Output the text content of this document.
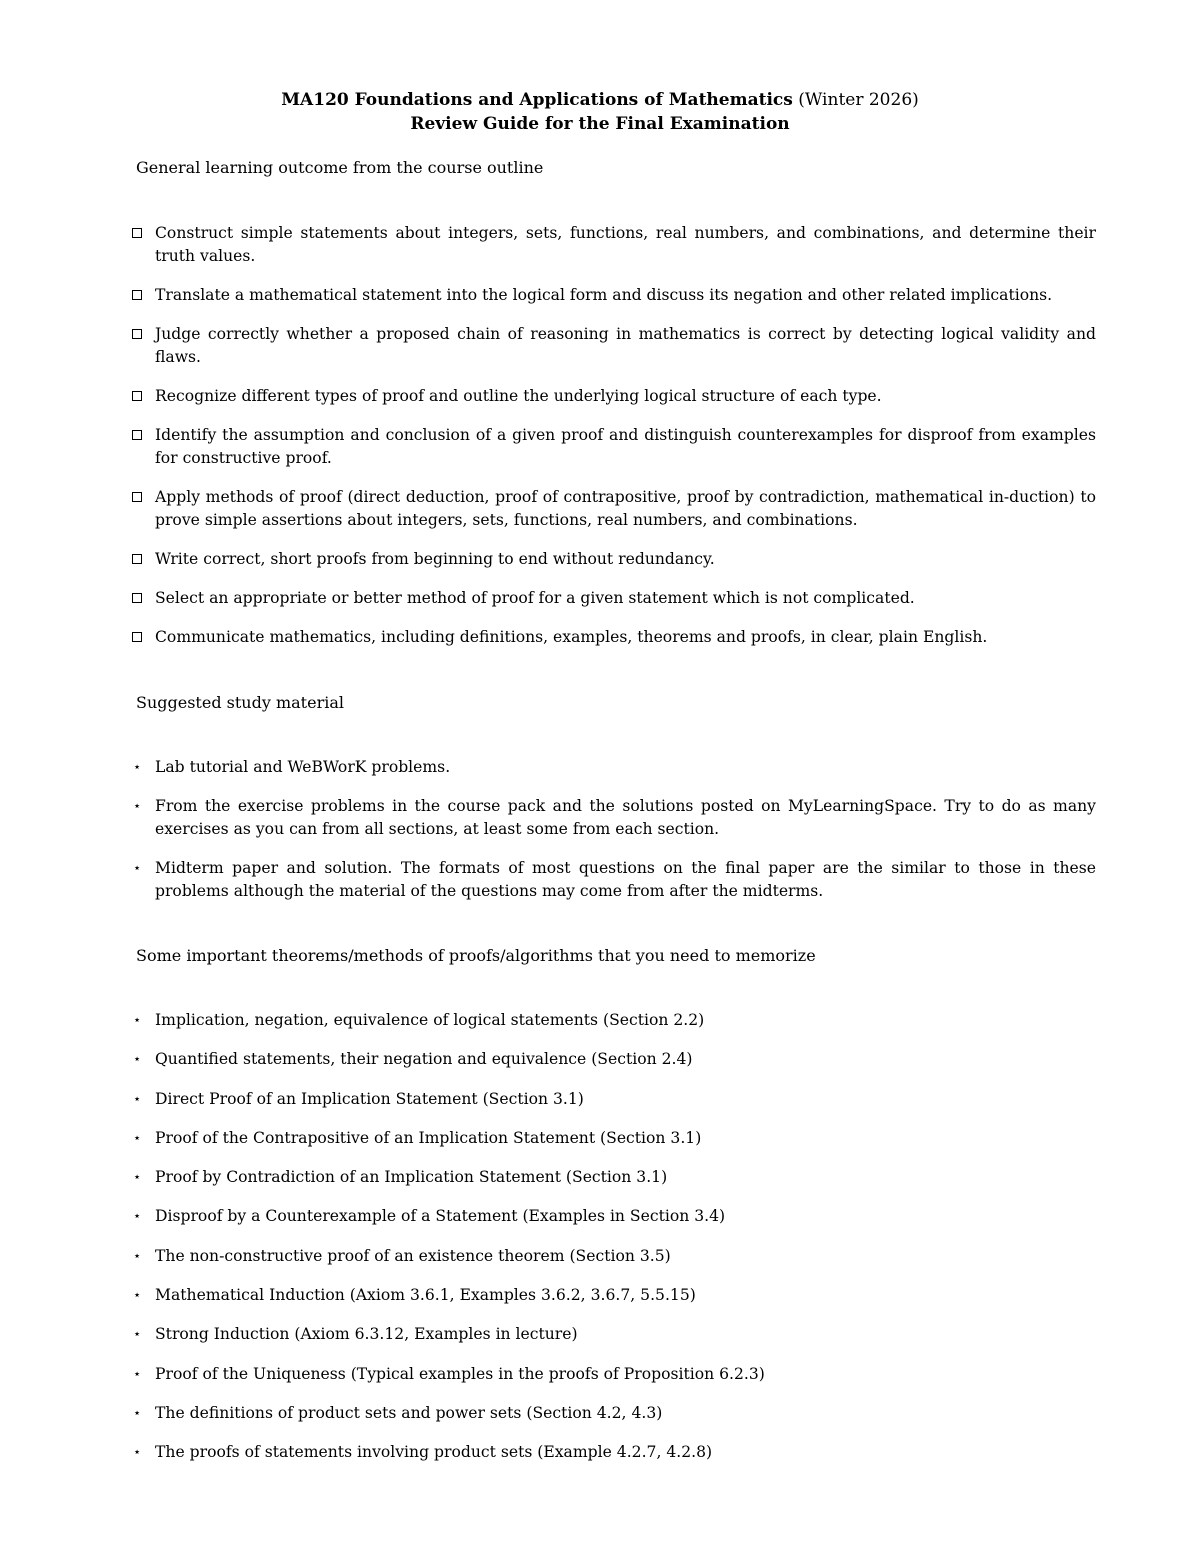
MA120 Foundations and Applications of Mathematics (Winter 2026)
Review Guide for the Final Examination
General learning outcome from the course outline
Construct simple statements about integers, sets, functions, real numbers, and combinations, and determine their truth values.
Translate a mathematical statement into the logical form and discuss its negation and other related implications.
Judge correctly whether a proposed chain of reasoning in mathematics is correct by detecting logical validity and flaws.
Recognize different types of proof and outline the underlying logical structure of each type.
Identify the assumption and conclusion of a given proof and distinguish counterexamples for disproof from examples for constructive proof.
Apply methods of proof (direct deduction, proof of contrapositive, proof by contradiction, mathematical in-duction) to prove simple assertions about integers, sets, functions, real numbers, and combinations.
Write correct, short proofs from beginning to end without redundancy.
Select an appropriate or better method of proof for a given statement which is not complicated.
Communicate mathematics, including definitions, examples, theorems and proofs, in clear, plain English.
Suggested study material
⋆ Lab tutorial and WeBWorK problems.
⋆ From the exercise problems in the course pack and the solutions posted on MyLearningSpace. Try to do as many exercises as you can from all sections, at least some from each section.
⋆ Midterm paper and solution. The formats of most questions on the final paper are the similar to those in these problems although the material of the questions may come from after the midterms.
Some important theorems/methods of proofs/algorithms that you need to memorize
⋆ Implication, negation, equivalence of logical statements (Section 2.2)
⋆ Quantified statements, their negation and equivalence (Section 2.4)
⋆ Direct Proof of an Implication Statement (Section 3.1)
⋆ Proof of the Contrapositive of an Implication Statement (Section 3.1)
⋆ Proof by Contradiction of an Implication Statement (Section 3.1)
⋆ Disproof by a Counterexample of a Statement (Examples in Section 3.4)
⋆ The non-constructive proof of an existence theorem (Section 3.5)
⋆ Mathematical Induction (Axiom 3.6.1, Examples 3.6.2, 3.6.7, 5.5.15)
⋆ Strong Induction (Axiom 6.3.12, Examples in lecture)
⋆ Proof of the Uniqueness (Typical examples in the proofs of Proposition 6.2.3)
⋆ The definitions of product sets and power sets (Section 4.2, 4.3)
⋆ The proofs of statements involving product sets (Example 4.2.7, 4.2.8)
